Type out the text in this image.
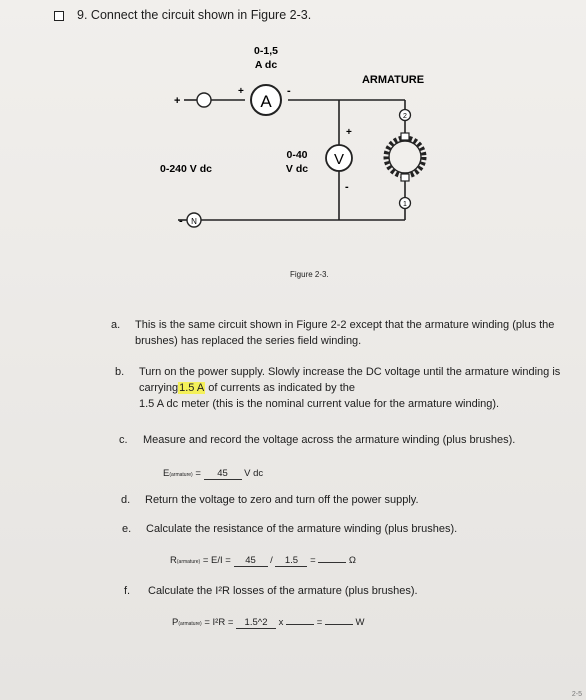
9. Connect the circuit shown in Figure 2-3.
N
+
-
0-240 V dc
A
+	-
0-1,5
A dc
ARMATURE
V
+
-
0-40
V dc
2
1
Figure 2-3.
a. This is the same circuit shown in Figure 2-2 except that the armature winding (plus the brushes) has replaced the series field winding.
b. Turn on the power supply. Slowly increase the DC voltage until the armature winding is carrying1.5 A of currents as indicated by the
1.5 A dc meter (this is the nominal current value for the armature winding).
c. Measure and record the voltage across the armature winding (plus brushes).
E(armature) = 45 V dc
d. Return the voltage to zero and turn off the power supply.
e. Calculate the resistance of the armature winding (plus brushes).
R(armature) = E/I = 45 / 1.5 =	Ω
f. Calculate the I²R losses of the armature (plus brushes).
P(armature) = I²R = 1.5^2 x	=	W
2-5
